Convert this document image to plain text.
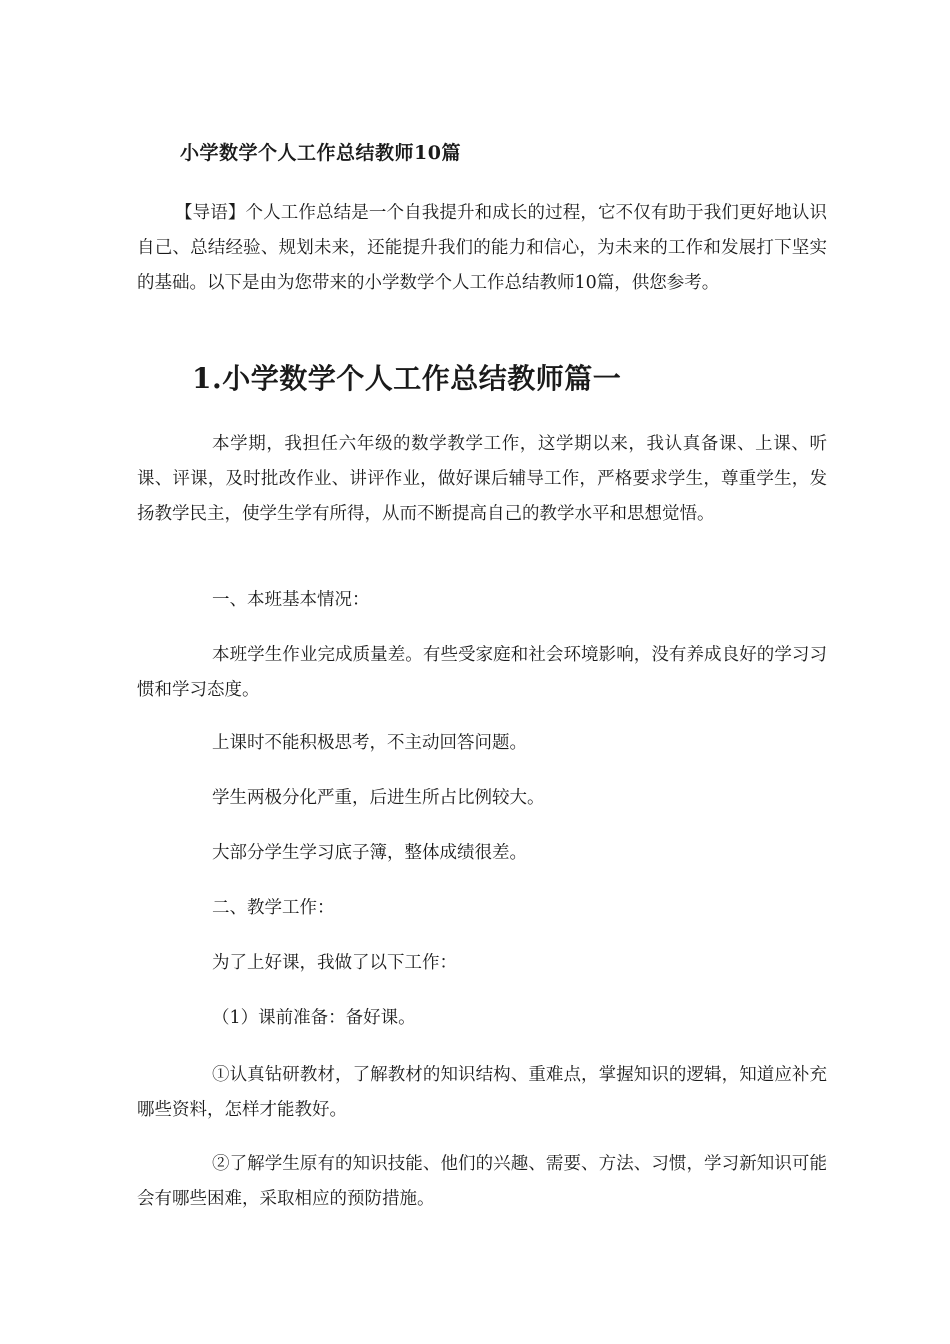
小学数学个人工作总结教师10篇

【导语】个人工作总结是一个自我提升和成长的过程，它不仅有助于我们更好地认识自己、总结经验、规划未来，还能提升我们的能力和信心，为未来的工作和发展打下坚实的基础。以下是由为您带来的小学数学个人工作总结教师10篇，供您参考。

1.小学数学个人工作总结教师篇一

本学期，我担任六年级的数学教学工作，这学期以来，我认真备课、上课、听课、评课，及时批改作业、讲评作业，做好课后辅导工作，严格要求学生，尊重学生，发扬教学民主，使学生学有所得，从而不断提高自己的教学水平和思想觉悟。

一、本班基本情况：

本班学生作业完成质量差。有些受家庭和社会环境影响，没有养成良好的学习习惯和学习态度。

上课时不能积极思考，不主动回答问题。

学生两极分化严重，后进生所占比例较大。

大部分学生学习底子簿，整体成绩很差。

二、教学工作：

为了上好课，我做了以下工作：

（1）课前准备：备好课。

①认真钻研教材，了解教材的知识结构、重难点，掌握知识的逻辑，知道应补充哪些资料，怎样才能教好。

②了解学生原有的知识技能、他们的兴趣、需要、方法、习惯，学习新知识可能会有哪些困难，采取相应的预防措施。
